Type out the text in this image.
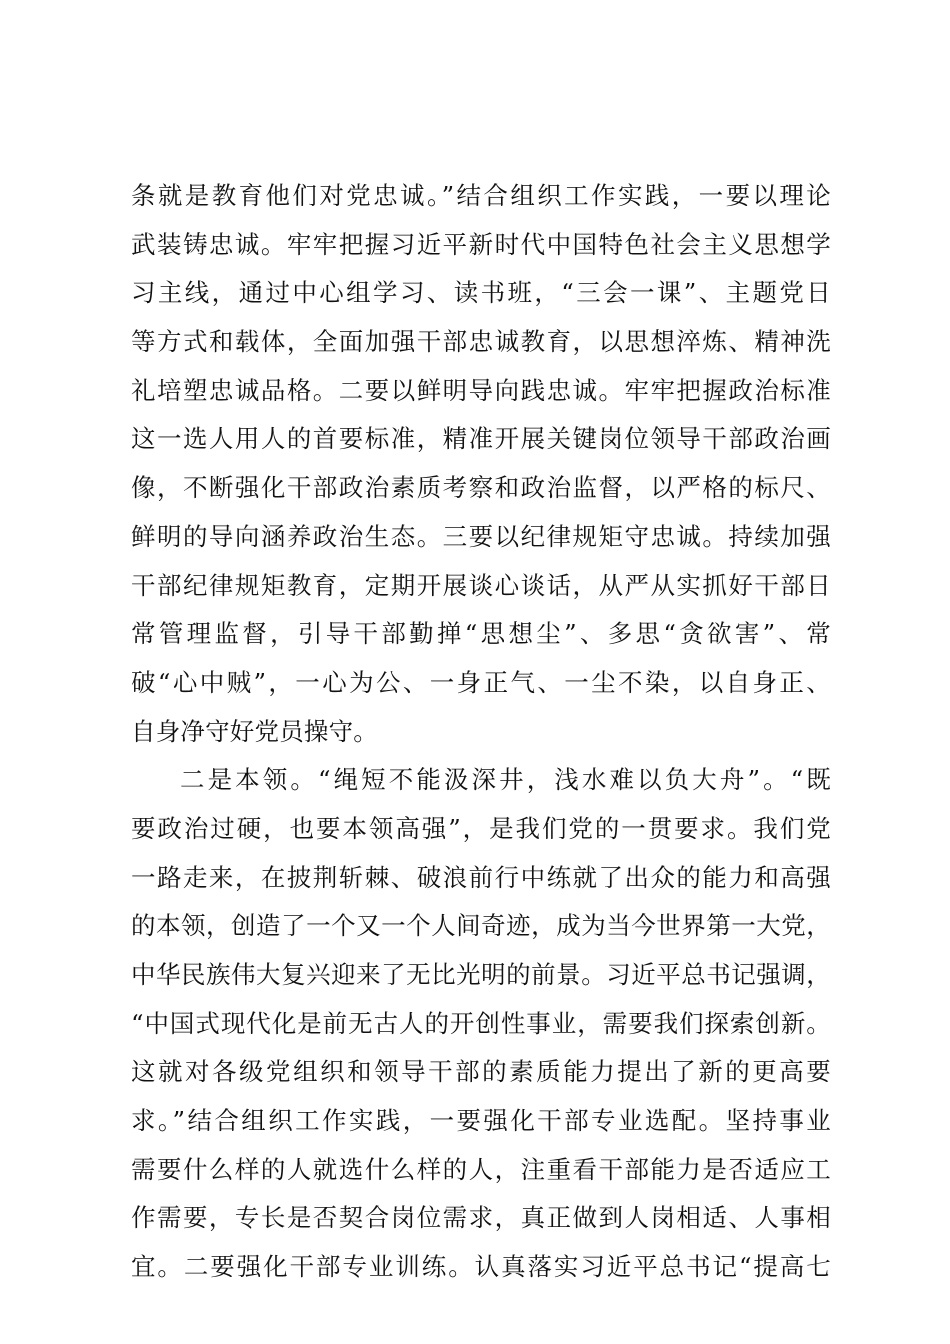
条就是教育他们对党忠诚。”结合组织工作实践，一要以理论
武装铸忠诚。牢牢把握习近平新时代中国特色社会主义思想学
习主线，通过中心组学习、读书班，“三会一课”、主题党日
等方式和载体，全面加强干部忠诚教育，以思想淬炼、精神洗
礼培塑忠诚品格。二要以鲜明导向践忠诚。牢牢把握政治标准
这一选人用人的首要标准，精准开展关键岗位领导干部政治画
像，不断强化干部政治素质考察和政治监督，以严格的标尺、
鲜明的导向涵养政治生态。三要以纪律规矩守忠诚。持续加强
干部纪律规矩教育，定期开展谈心谈话，从严从实抓好干部日
常管理监督，引导干部勤掸“思想尘”、多思“贪欲害”、常
破“心中贼”，一心为公、一身正气、一尘不染，以自身正、
自身净守好党员操守。
二是本领。“绳短不能汲深井，浅水难以负大舟”。“既
要政治过硬，也要本领高强”，是我们党的一贯要求。我们党
一路走来，在披荆斩棘、破浪前行中练就了出众的能力和高强
的本领，创造了一个又一个人间奇迹，成为当今世界第一大党，
中华民族伟大复兴迎来了无比光明的前景。习近平总书记强调，
“中国式现代化是前无古人的开创性事业，需要我们探索创新。
这就对各级党组织和领导干部的素质能力提出了新的更高要
求。”结合组织工作实践，一要强化干部专业选配。坚持事业
需要什么样的人就选什么样的人，注重看干部能力是否适应工
作需要，专长是否契合岗位需求，真正做到人岗相适、人事相
宜。二要强化干部专业训练。认真落实习近平总书记“提高七
